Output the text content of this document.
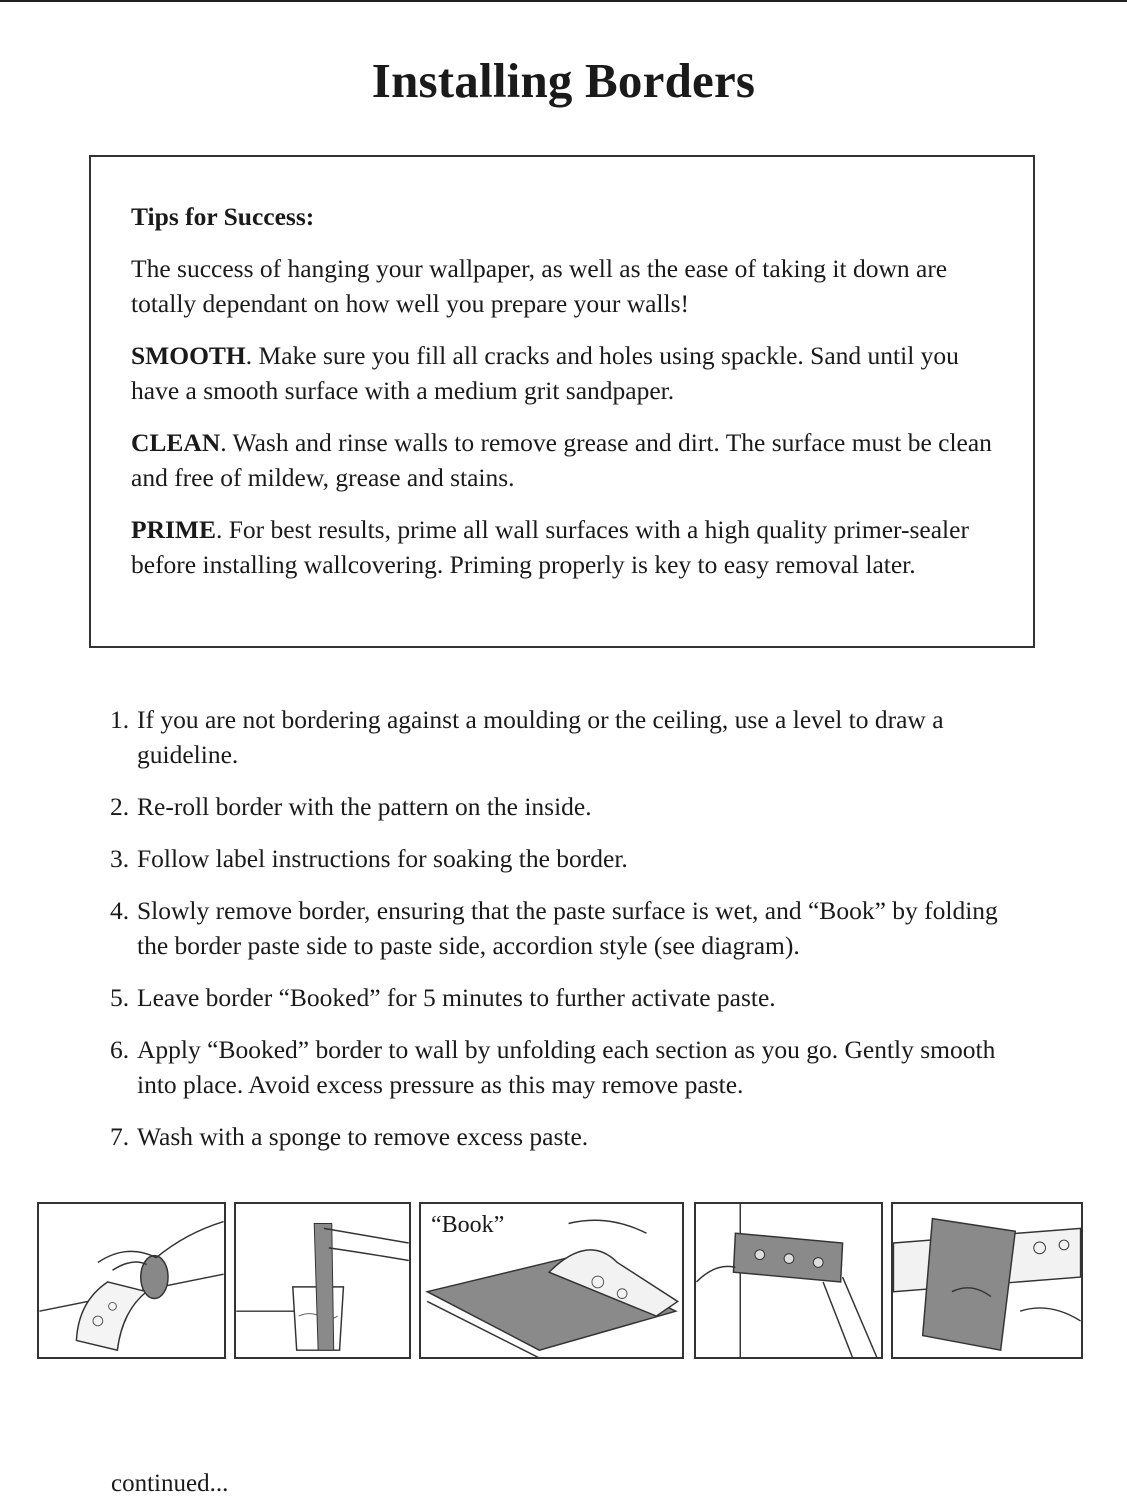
Installing Borders

Tips for Success:

The success of hanging your wallpaper, as well as the ease of taking it down are totally dependant on how well you prepare your walls!

SMOOTH. Make sure you fill all cracks and holes using spackle. Sand until you have a smooth surface with a medium grit sandpaper.

CLEAN. Wash and rinse walls to remove grease and dirt. The surface must be clean and free of mildew, grease and stains.

PRIME. For best results, prime all wall surfaces with a high quality primer-sealer before installing wallcovering. Priming properly is key to easy removal later.

1. If you are not bordering against a moulding or the ceiling, use a level to draw a guideline.
2. Re-roll border with the pattern on the inside.
3. Follow label instructions for soaking the border.
4. Slowly remove border, ensuring that the paste surface is wet, and “Book” by folding the border paste side to paste side, accordion style (see diagram).
5. Leave border “Booked” for 5 minutes to further activate paste.
6. Apply “Booked” border to wall by unfolding each section as you go. Gently smooth into place. Avoid excess pressure as this may remove paste.
7. Wash with a sponge to remove excess paste.
“Book”
continued...
